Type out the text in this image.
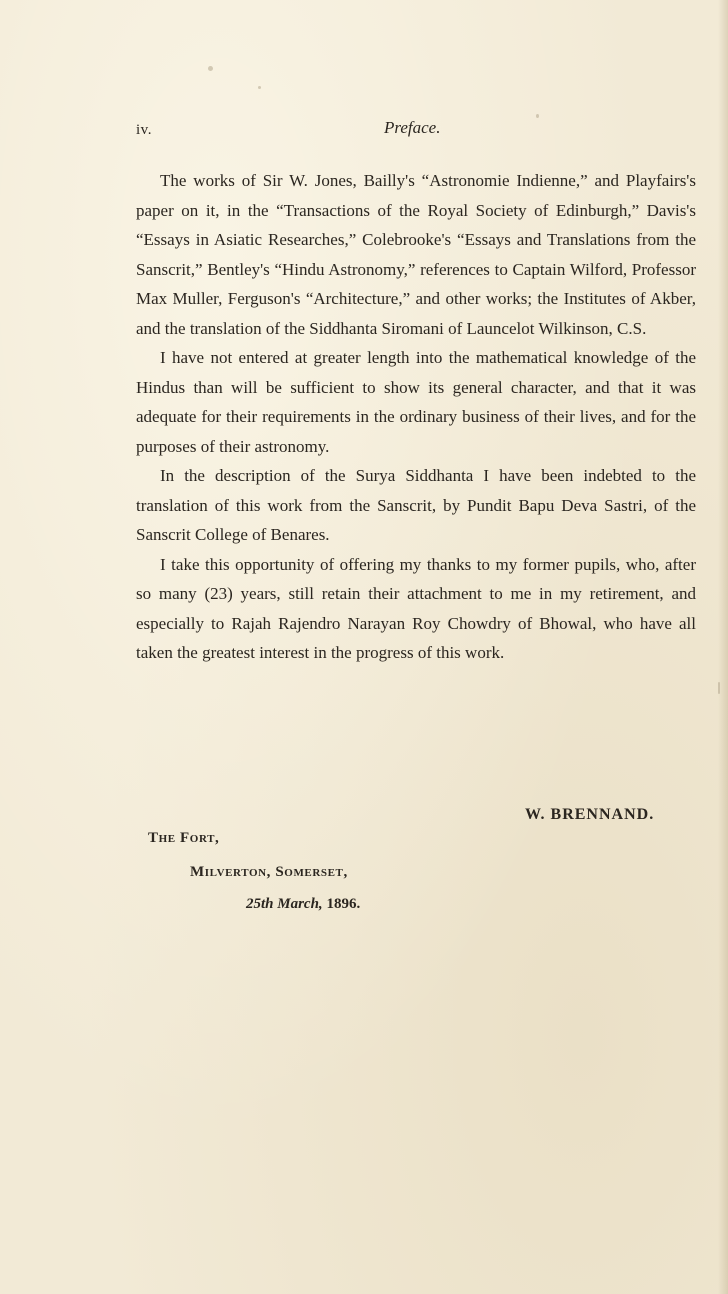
iv.	Preface.

The works of Sir W. Jones, Bailly's “Astronomie Indienne,” and Playfairs's paper on it, in the “Transactions of the Royal Society of Edinburgh,” Davis's “Essays in Asiatic Researches,” Colebrooke's “Essays and Translations from the Sanscrit,” Bentley's “Hindu Astronomy,” references to Captain Wilford, Professor Max Muller, Ferguson's “Architecture,” and other works; the Institutes of Akber, and the translation of the Siddhanta Siromani of Launcelot Wilkinson, C.S.

I have not entered at greater length into the mathematical knowledge of the Hindus than will be sufficient to show its general character, and that it was adequate for their requirements in the ordinary business of their lives, and for the purposes of their astronomy.

In the description of the Surya Siddhanta I have been indebted to the translation of this work from the Sanscrit, by Pundit Bapu Deva Sastri, of the Sanscrit College of Benares.

I take this opportunity of offering my thanks to my former pupils, who, after so many (23) years, still retain their attachment to me in my retirement, and especially to Rajah Rajendro Narayan Roy Chowdry of Bhowal, who have all taken the greatest interest in the progress of this work.

W. BRENNAND.
The Fort,
Milverton, Somerset,
25th March, 1896.
